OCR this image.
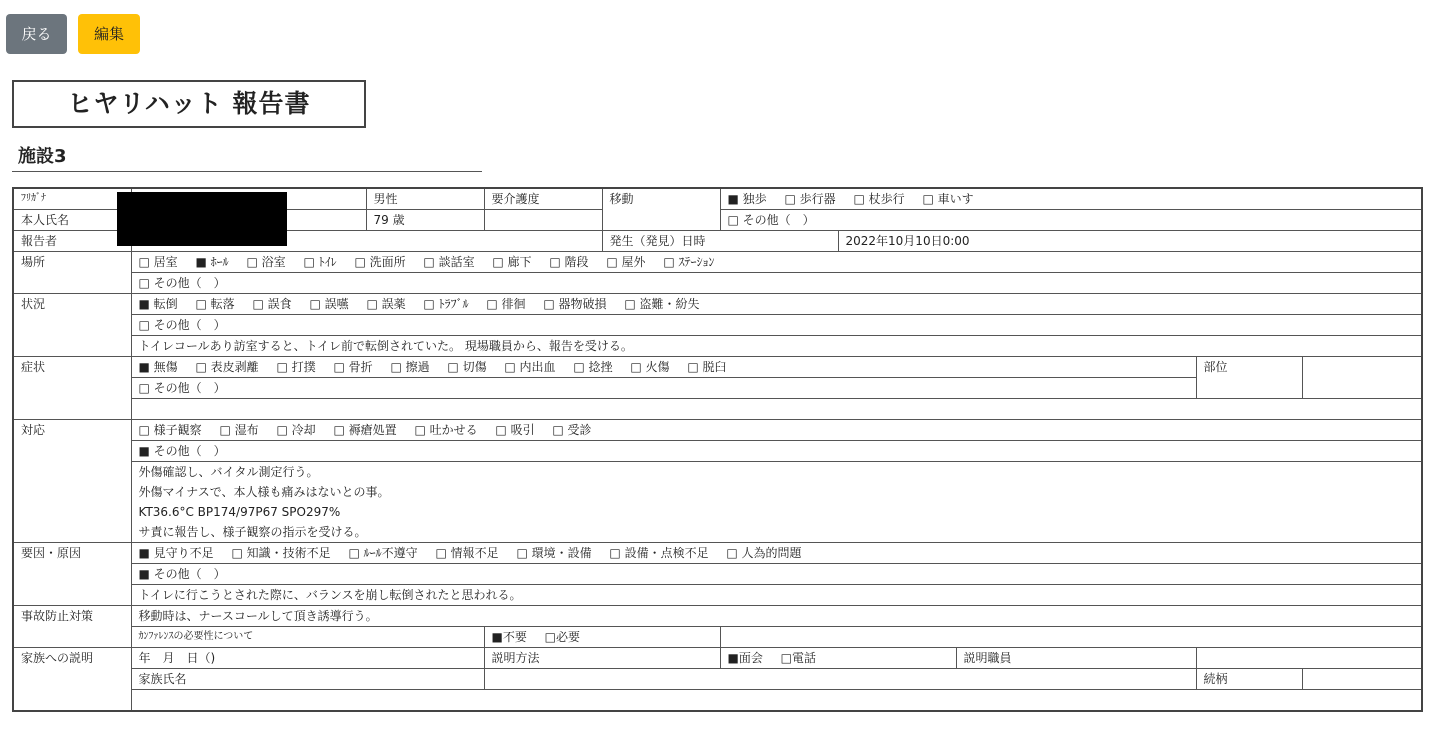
戻る	編集
ヒヤリハット 報告書
施設3
ﾌﾘｶﾞﾅ		男性	要介護度	移動	■ 独歩 □ 歩行器 □ 杖歩行 □ 車いす				
本人氏名		79 歳			□ その他（　）				
報告者				発生（発見）日時		2022年10月10日0:00			
場所	□ 居室 ■ ﾎｰﾙ □ 浴室 □ ﾄｲﾚ □ 洗面所 □ 談話室 □ 廊下 □ 階段 □ 屋外 □ ｽﾃｰｼｮﾝ								
	□ その他（　）								
状況	■ 転倒 □ 転落 □ 誤食 □ 誤嚥 □ 誤薬 □ ﾄﾗﾌﾞﾙ □ 徘徊 □ 器物破損 □ 盗難・紛失								
	□ その他（　）								
	トイレコールあり訪室すると、トイレ前で転倒されていた。 現場職員から、報告を受ける。								
症状	■ 無傷 □ 表皮剥離 □ 打撲 □ 骨折 □ 擦過 □ 切傷 □ 内出血 □ 捻挫 □ 火傷 □ 脱臼							部位	
	□ その他（　）								

対応	□ 様子観察 □ 湿布 □ 冷却 □ 褥瘡処置 □ 吐かせる □ 吸引 □ 受診								
	■ その他（　）								
	外傷確認し、バイタル測定行う。								
	外傷マイナスで、本人様も痛みはないとの事。								
	KT36.6°C BP174/97P67 SPO297%								
	サ責に報告し、様子観察の指示を受ける。								
要因・原因	■ 見守り不足 □ 知識・技術不足 □ ﾙｰﾙ不遵守 □ 情報不足 □ 環境・設備 □ 設備・点検不足 □ 人為的問題								
	■ その他（　）								
	トイレに行こうとされた際に、バランスを崩し転倒されたと思われる。								
事故防止対策	移動時は、ナースコールして頂き誘導行う。								
	ｶﾝﾌｧﾚﾝｽの必要性について		■不要 □必要						
家族への説明	年　月　日（)		説明方法		■面会 □電話		説明職員		
	家族氏名							続柄	
